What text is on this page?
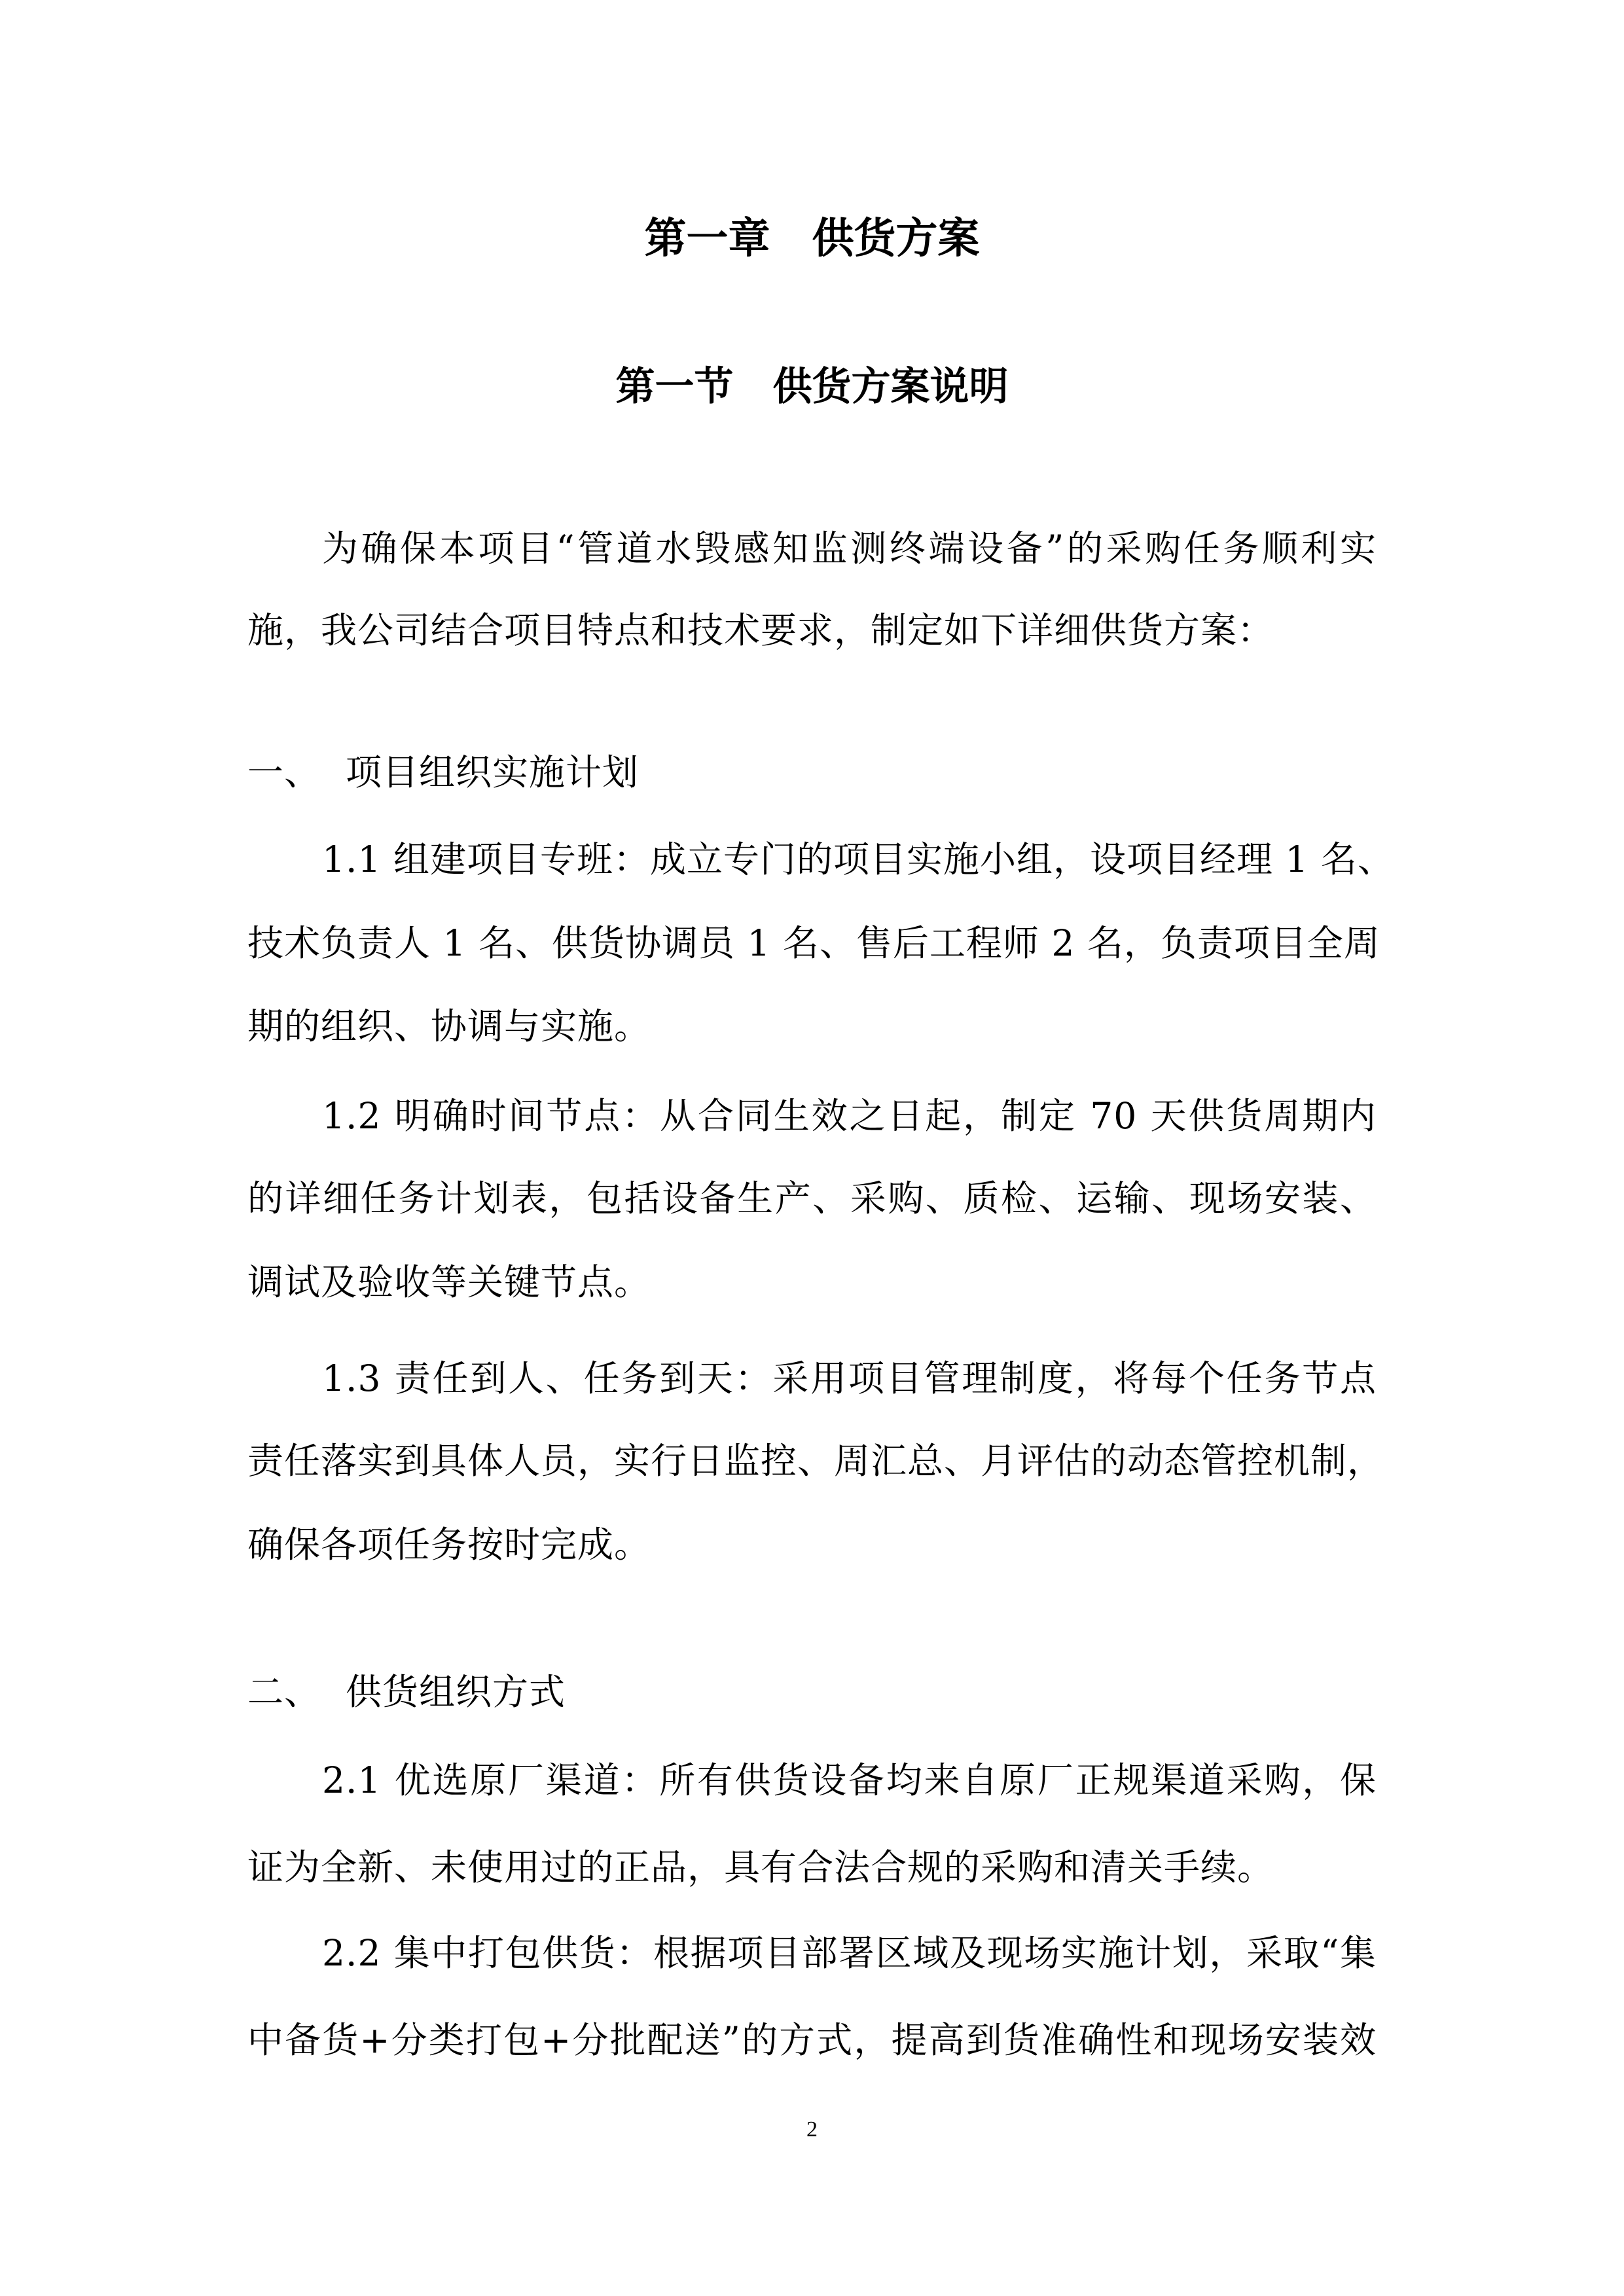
第一章　供货方案
第一节　供货方案说明
为确保本项目“管道水毁感知监测终端设备”的采购任务顺利实
施，我公司结合项目特点和技术要求，制定如下详细供货方案：
一、 项目组织实施计划
1.1 组建项目专班：成立专门的项目实施小组，设项目经理 1 名、
技术负责人 1 名、供货协调员 1 名、售后工程师 2 名，负责项目全周
期的组织、协调与实施。
1.2 明确时间节点：从合同生效之日起，制定 70 天供货周期内
的详细任务计划表，包括设备生产、采购、质检、运输、现场安装、
调试及验收等关键节点。
1.3 责任到人、任务到天：采用项目管理制度，将每个任务节点
责任落实到具体人员，实行日监控、周汇总、月评估的动态管控机制，
确保各项任务按时完成。
二、 供货组织方式
2.1 优选原厂渠道：所有供货设备均来自原厂正规渠道采购，保
证为全新、未使用过的正品，具有合法合规的采购和清关手续。
2.2 集中打包供货：根据项目部署区域及现场实施计划，采取“集
中备货+分类打包+分批配送”的方式，提高到货准确性和现场安装效
2
